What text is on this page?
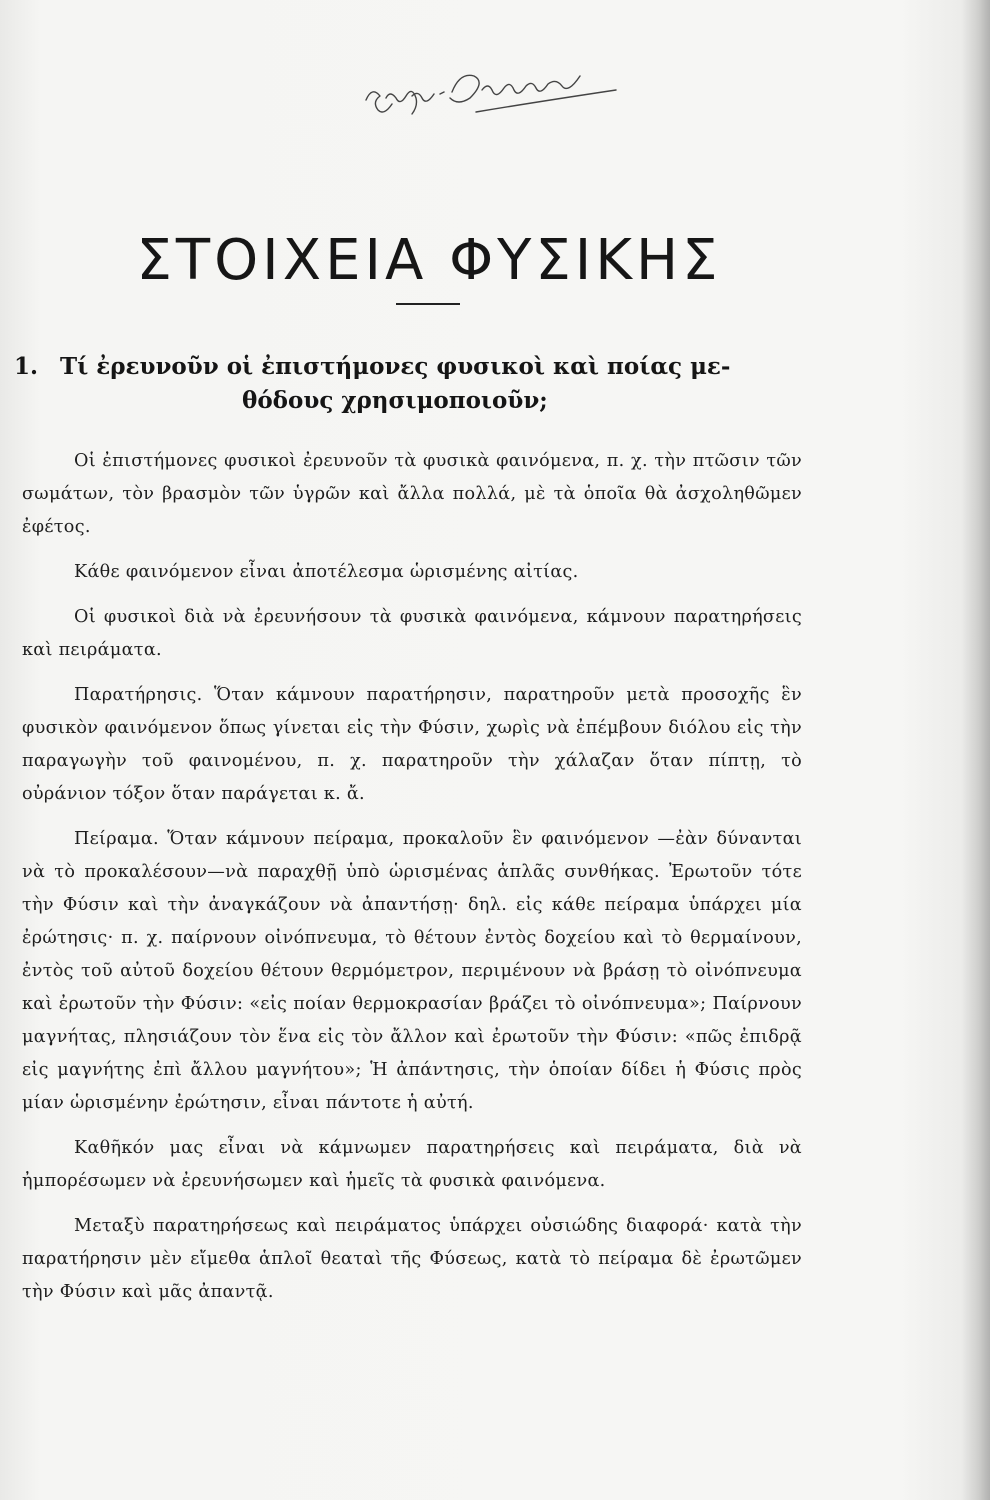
ΣΤΟΙΧΕΙΑ ΦΥΣΙΚΗΣ
1. Τί ἐρευνοῦν οἱ ἐπιστήμονες φυσικοὶ καὶ ποίας με-
θόδους χρησιμοποιοῦν;

Οἱ ἐπιστήμονες φυσικοὶ ἐρευνοῦν τὰ φυσικὰ φαινόμενα, π. χ. τὴν πτῶσιν τῶν σωμάτων, τὸν βρασμὸν τῶν ὑγρῶν καὶ ἄλλα πολλά, μὲ τὰ ὁποῖα θὰ ἀσχοληθῶμεν ἐφέτος.

Κάθε φαινόμενον εἶναι ἀποτέλεσμα ὡρισμένης αἰτίας.

Οἱ φυσικοὶ διὰ νὰ ἐρευνήσουν τὰ φυσικὰ φαινόμενα, κάμνουν παρατηρήσεις καὶ πειράματα.

Παρατήρησις. Ὅταν κάμνουν παρατήρησιν, παρατηροῦν μετὰ προσοχῆς ἓν φυσικὸν φαινόμενον ὅπως γίνεται εἰς τὴν Φύσιν, χωρὶς νὰ ἐπέμβουν διόλου εἰς τὴν παραγωγὴν τοῦ φαινομένου, π. χ. παρατηροῦν τὴν χάλαζαν ὅταν πίπτῃ, τὸ οὐράνιον τόξον ὅταν παράγεται κ. ἄ.

Πείραμα. Ὅταν κάμνουν πείραμα, προκαλοῦν ἓν φαινόμενον —ἐὰν δύνανται νὰ τὸ προκαλέσουν—νὰ παραχθῇ ὑπὸ ὡρισμένας ἁπλᾶς συνθήκας. Ἐρωτοῦν τότε τὴν Φύσιν καὶ τὴν ἀναγκάζουν νὰ ἀπαντήσῃ· δηλ. εἰς κάθε πείραμα ὑπάρχει μία ἐρώτησις· π. χ. παίρνουν οἰνόπνευμα, τὸ θέτουν ἐντὸς δοχείου καὶ τὸ θερμαίνουν, ἐντὸς τοῦ αὐτοῦ δοχείου θέτουν θερμόμετρον, περιμένουν νὰ βράσῃ τὸ οἰνόπνευμα καὶ ἐρωτοῦν τὴν Φύσιν: «εἰς ποίαν θερμοκρασίαν βράζει τὸ οἰνόπνευμα»; Παίρνουν μαγνήτας, πλησιάζουν τὸν ἕνα εἰς τὸν ἄλλον καὶ ἐρωτοῦν τὴν Φύσιν: «πῶς ἐπιδρᾷ εἰς μαγνήτης ἐπὶ ἄλλου μαγνήτου»; Ἡ ἀπάντησις, τὴν ὁποίαν δίδει ἡ Φύσις πρὸς μίαν ὡρισμένην ἐρώτησιν, εἶναι πάντοτε ἡ αὐτή.

Καθῆκόν μας εἶναι νὰ κάμνωμεν παρατηρήσεις καὶ πειράματα, διὰ νὰ ἠμπορέσωμεν νὰ ἐρευνήσωμεν καὶ ἡμεῖς τὰ φυσικὰ φαινόμενα.

Μεταξὺ παρατηρήσεως καὶ πειράματος ὑπάρχει οὐσιώδης διαφορά· κατὰ τὴν παρατήρησιν μὲν εἴμεθα ἁπλοῖ θεαταὶ τῆς Φύσεως, κατὰ τὸ πείραμα δὲ ἐρωτῶμεν τὴν Φύσιν καὶ μᾶς ἀπαντᾷ.
